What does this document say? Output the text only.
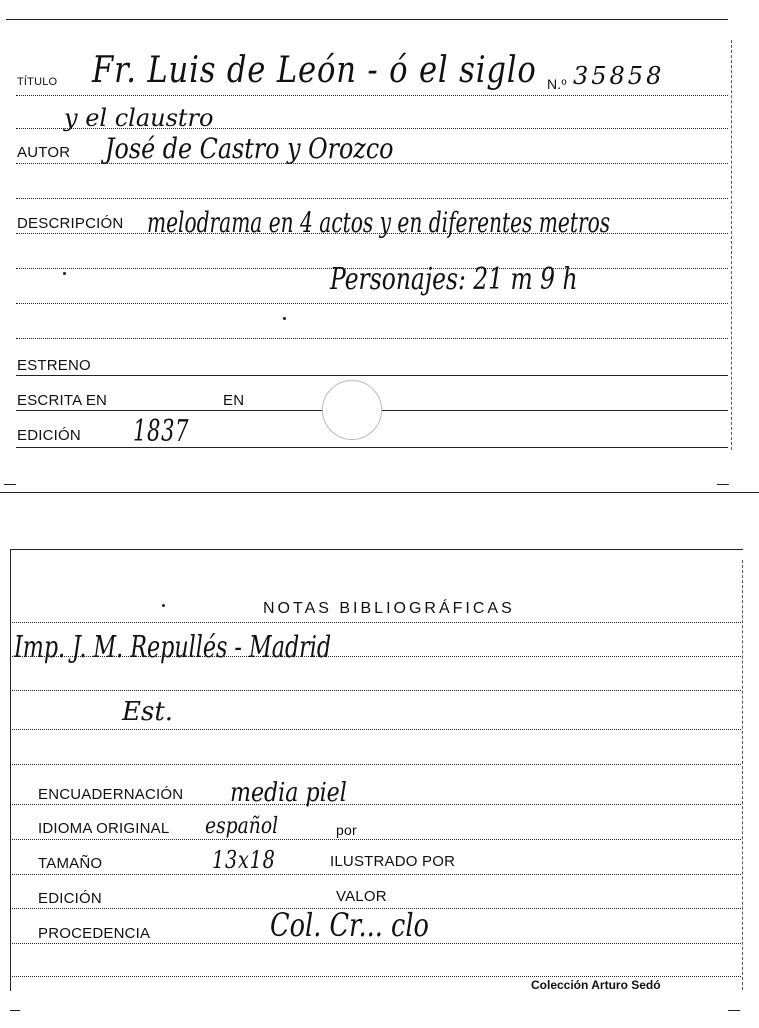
TÍTULO Fr. Luis de León - ó el siglo N.º 35858
y el claustro
AUTOR José de Castro y Orozco
DESCRIPCIÓN melodrama en 4 actos y en diferentes metros
Personajes: 21 m 9 h
ESTRENO
ESCRITA EN	EN
EDICIÓN 1837
NOTAS BIBLIOGRÁFICAS
Imp. J. M. Repullés - Madrid
Est.
ENCUADERNACIÓN media piel
IDIOMA ORIGINAL español	por
TAMAÑO	13x18	ILUSTRADO POR
EDICIÓN	VALOR
PROCEDENCIA	Col. Cr... clo
Colección Arturo Sedó
